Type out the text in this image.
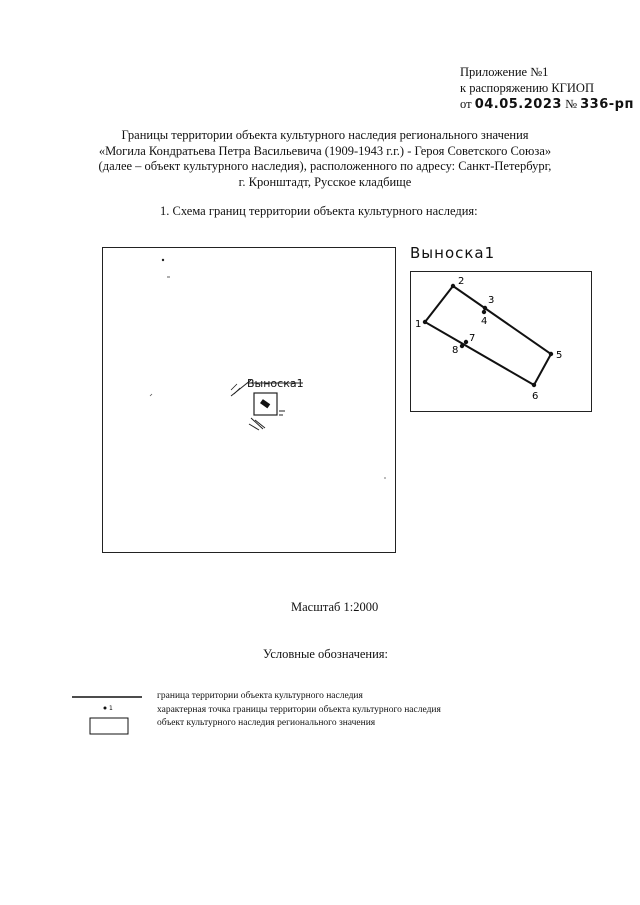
Приложение №1
к распоряжению КГИОП
от 04.05.2023 № 336-рп
Границы территории объекта культурного наследия регионального значения
«Могила Кондратьева Петра Васильевича (1909-1943 г.г.) - Героя Советского Союза»
(далее – объект культурного наследия), расположенного по адресу: Санкт-Петербург,
г. Кронштадт, Русское кладбище
1. Схема границ территории объекта культурного наследия:
Выноска1
Выноска1
1
2
3
4
5
6
7
8
Масштаб 1:2000
Условные обозначения:
1
граница территории объекта культурного наследия
характерная точка границы территории объекта культурного наследия
объект культурного наследия регионального значения
